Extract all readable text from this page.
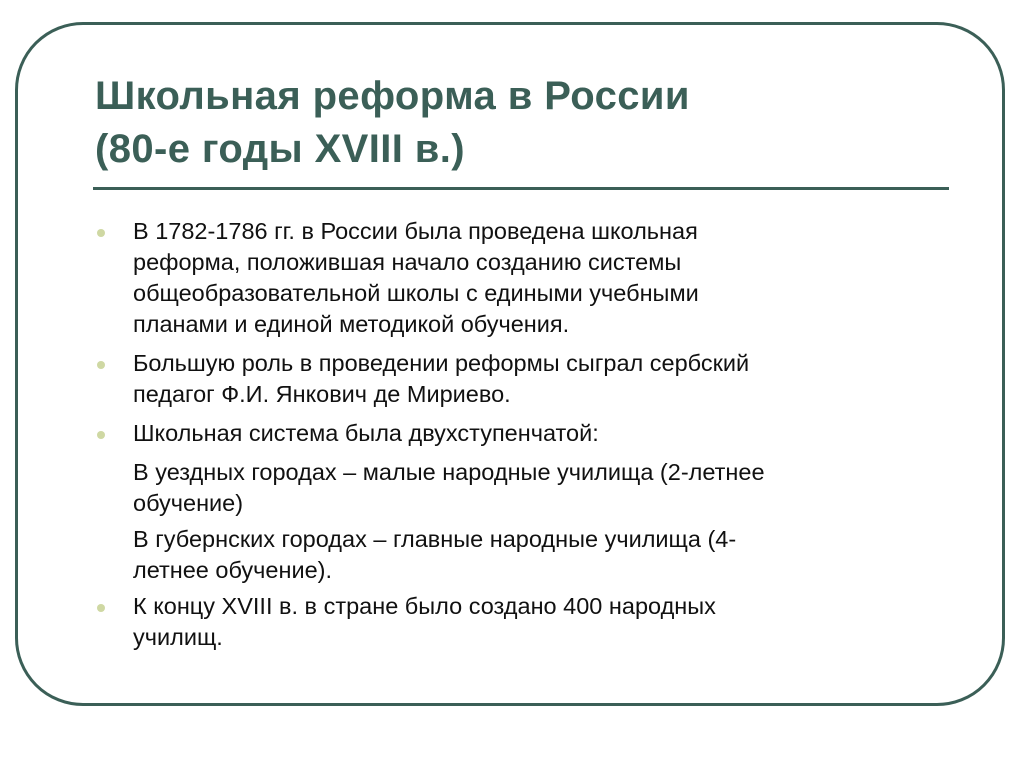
Школьная реформа в России
(80-е годы XVIII в.)
В 1782-1786 гг. в России была проведена школьная
реформа, положившая начало созданию системы
общеобразовательной школы с едиными учебными
планами и единой методикой обучения.
Большую роль в проведении реформы сыграл сербский
педагог Ф.И. Янкович де Мириево.
Школьная система была двухступенчатой:
В уездных городах – малые народные училища (2-летнее
обучение)
В губернских городах – главные народные училища (4-
летнее обучение).
К концу XVIII в. в стране было создано 400 народных
училищ.
